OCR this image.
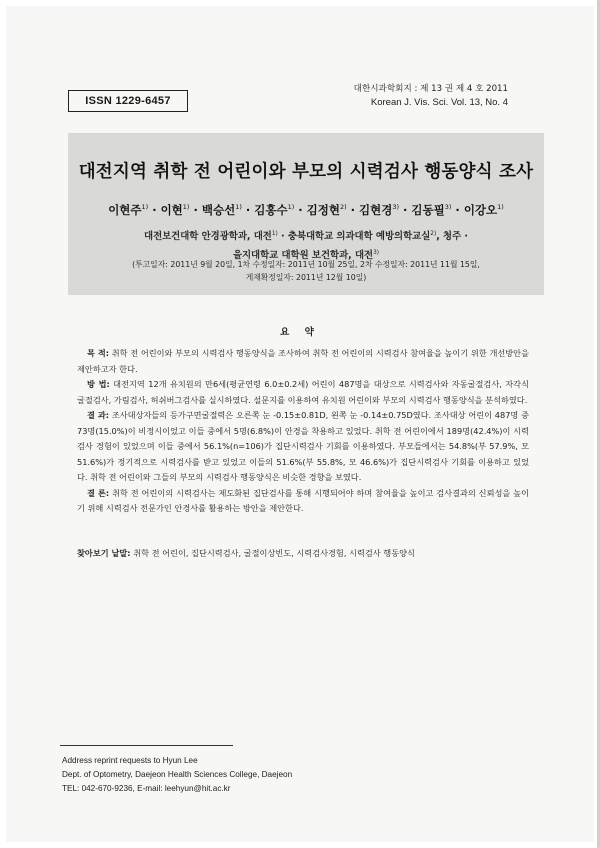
ISSN 1229-6457
대한시과학회지 : 제 13 권 제 4 호 2011
Korean J. Vis. Sci. Vol. 13, No. 4
대전지역 취학 전 어린이와 부모의 시력검사 행동양식 조사
이현주$^{1)}$ · 이현$^{1)}$ · 백승선$^{1)}$ · 김홍수$^{1)}$ · 김정현$^{2)}$ · 김현경$^{3)}$ · 김동필$^{3)}$ · 이강오$^{1)}$
대전보건대학 안경광학과, 대전$^{1)}$ · 충북대학교 의과대학 예방의학교실$^{2)}$, 청주 ·
을지대학교 대학원 보건학과, 대전$^{3)}$
(투고일자: 2011년 9월 20일, 1차 수정일자: 2011년 10월 25일, 2차 수정일자: 2011년 11월 15일,
게재확정일자: 2011년 12월 10일)
요 약

목 적: 취학 전 어린이와 부모의 시력검사 행동양식을 조사하여 취학 전 어린이의 시력검사 참여율을 높이기 위한 개선방안을 제안하고자 한다.

방 법: 대전지역 12개 유치원의 만6세(평균연령 6.0±0.2세) 어린이 487명을 대상으로 시력검사와 자동굴절검사, 자각식 굴절검사, 가림검사, 허쉬버그검사를 실시하였다. 설문지를 이용하여 유치원 어린이와 부모의 시력검사 행동양식을 분석하였다.

결 과: 조사대상자들의 등가구면굴절력은 오른쪽 눈 -0.15±0.81D, 왼쪽 눈 -0.14±0.75D였다. 조사대상 어린이 487명 중 73명(15.0%)이 비정시이었고 이들 중에서 5명(6.8%)이 안경을 착용하고 있었다. 취학 전 어린이에서 189명(42.4%)이 시력검사 경험이 있었으며 이들 중에서 56.1%(n=106)가 집단시력검사 기회를 이용하였다. 부모들에서는 54.8%(부 57.9%, 모 51.6%)가 정기적으로 시력검사를 받고 있었고 이들의 51.6%(부 55.8%, 모 46.6%)가 집단시력검사 기회를 이용하고 있었다. 취학 전 어린이와 그들의 부모의 시력검사 행동양식은 비슷한 경향을 보였다.

결 론: 취학 전 어린이의 시력검사는 제도화된 집단검사를 통해 시행되어야 하며 참여율을 높이고 검사결과의 신뢰성을 높이기 위해 시력검사 전문가인 안경사를 활용하는 방안을 제안한다.

찾아보기 낱말: 취학 전 어린이, 집단시력검사, 굴절이상빈도, 시력검사경험, 시력검사 행동양식
Address reprint requests to Hyun Lee
Dept. of Optometry, Daejeon Health Sciences College, Daejeon
TEL: 042-670-9236, E-mail: leehyun@hit.ac.kr
